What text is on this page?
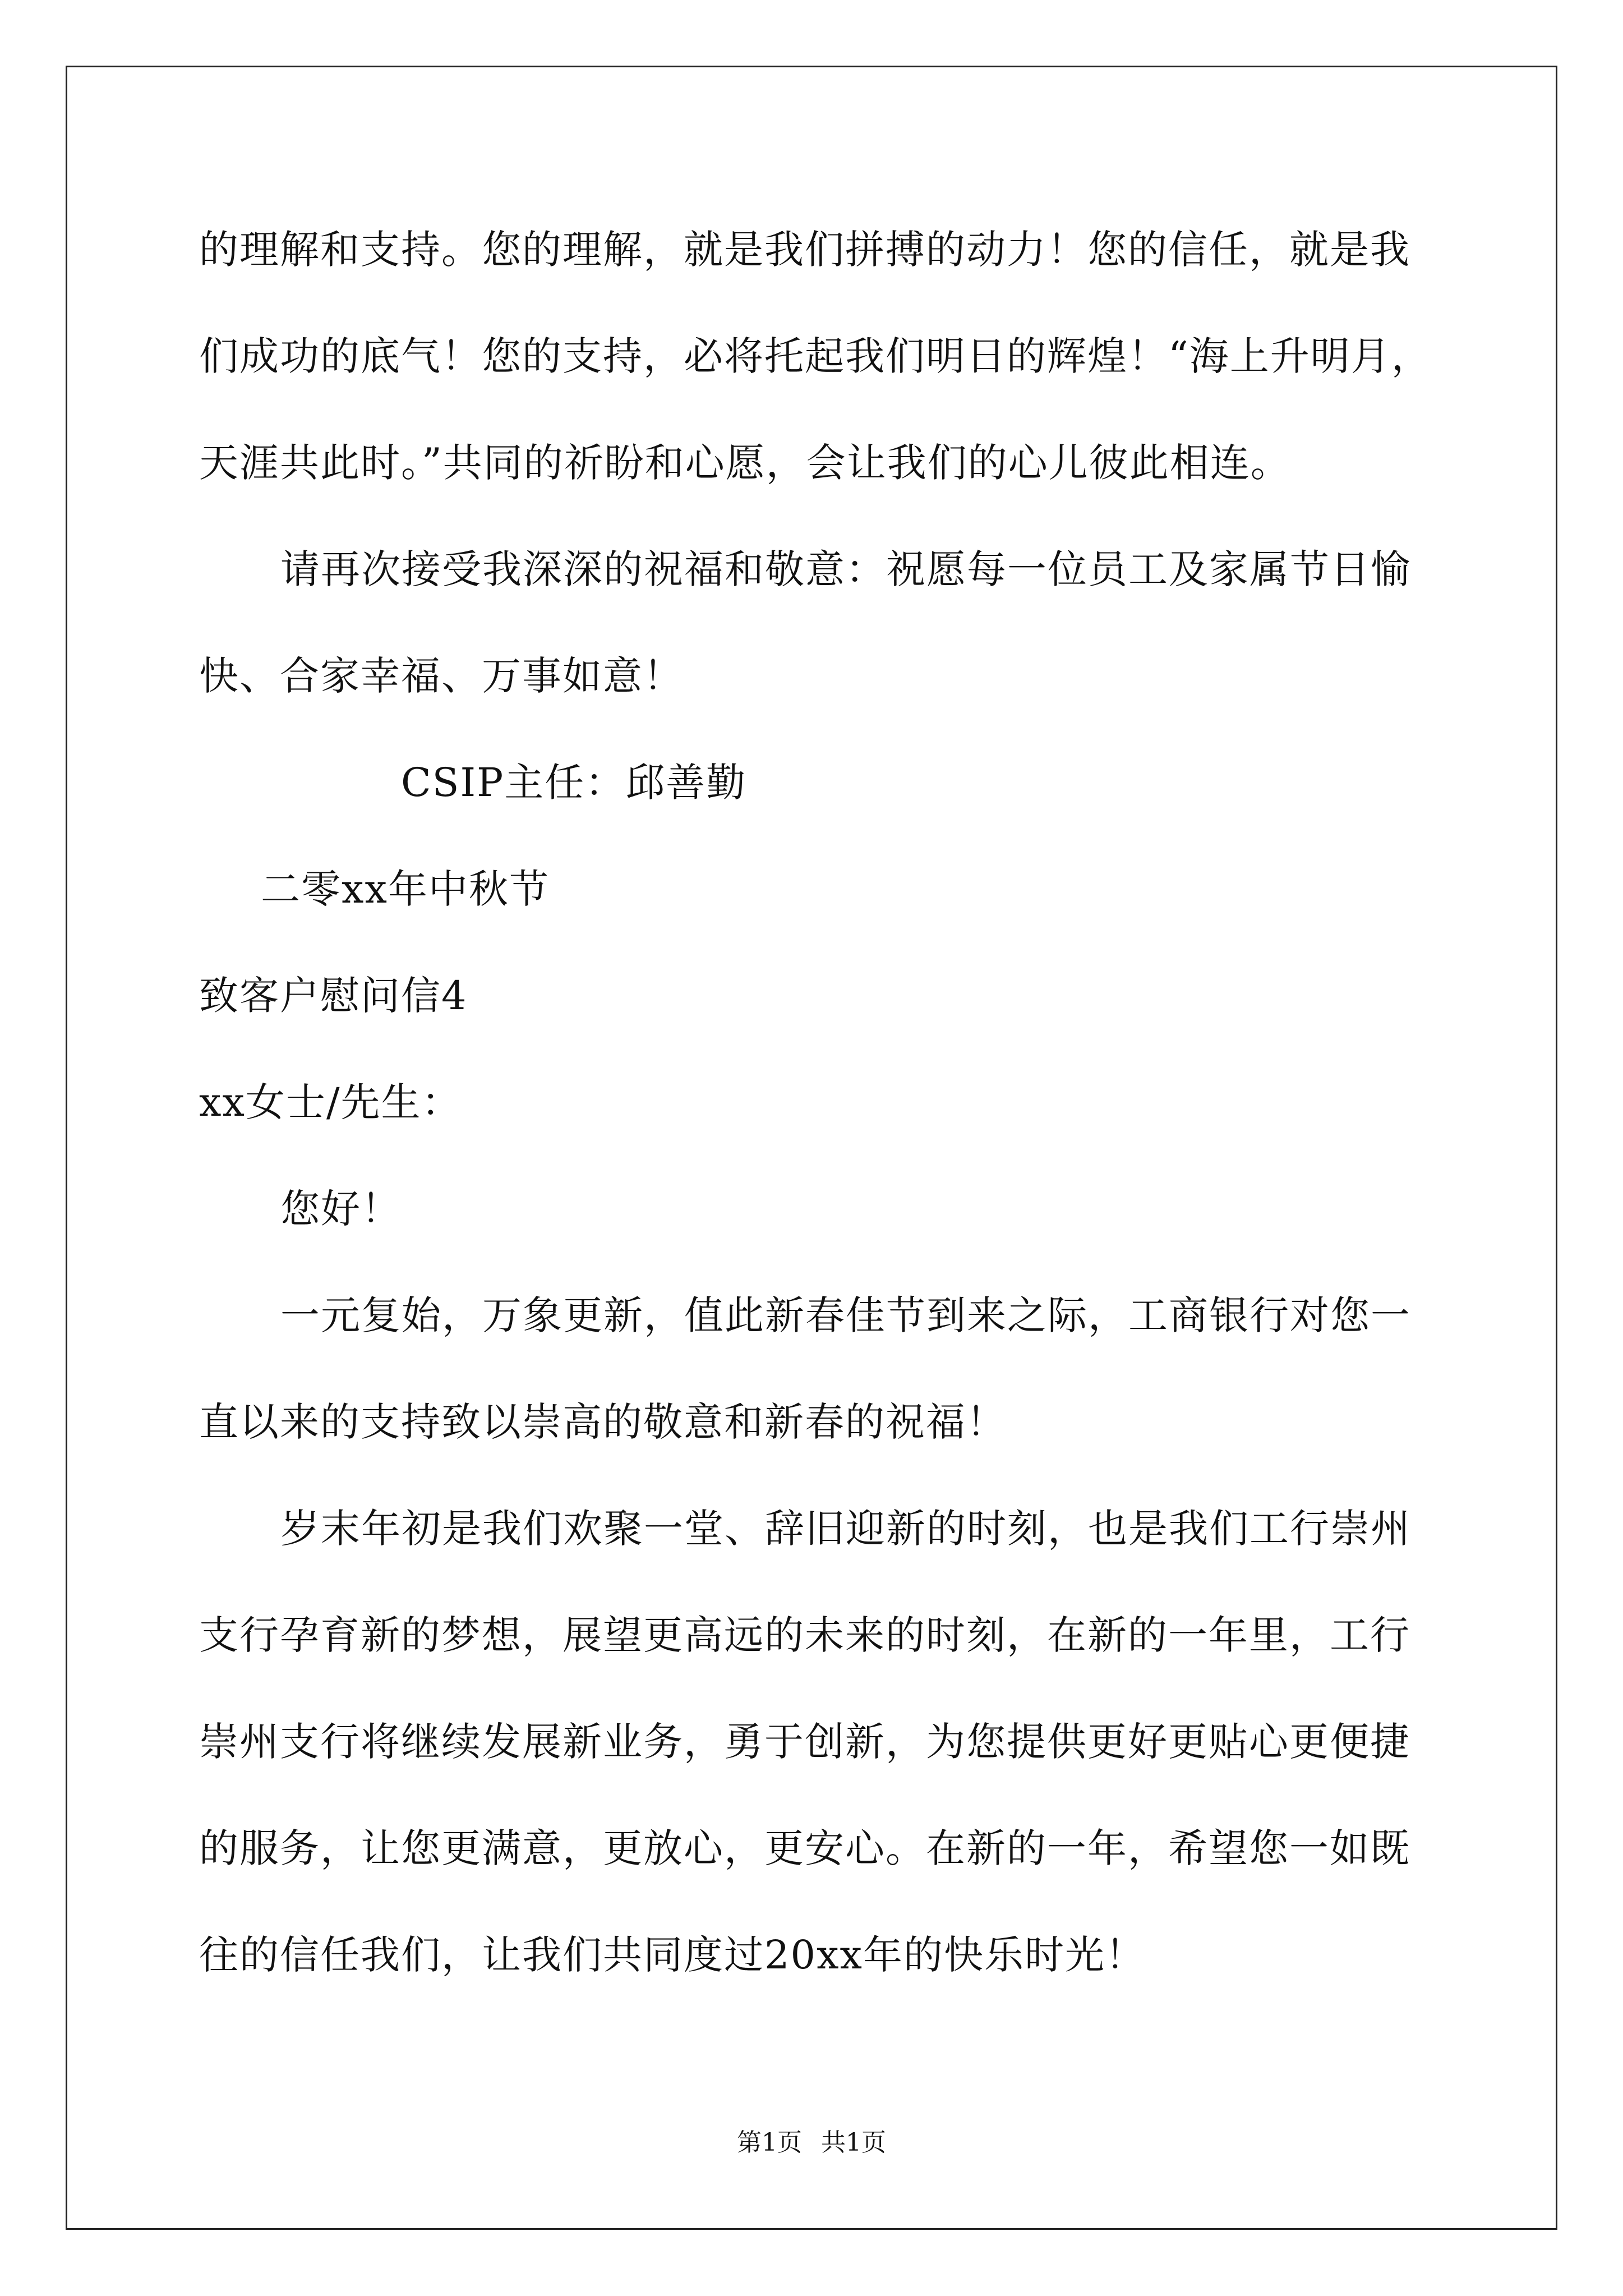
的理解和支持。您的理解，就是我们拼搏的动力！您的信任，就是我
们成功的底气！您的支持，必将托起我们明日的辉煌！“海上升明月，
天涯共此时。”共同的祈盼和心愿，会让我们的心儿彼此相连。
请再次接受我深深的祝福和敬意：祝愿每一位员工及家属节日愉
快、合家幸福、万事如意！
CSIP主任：邱善勤
二零xx年中秋节
致客户慰问信4
xx女士/先生：
您好！
一元复始，万象更新，值此新春佳节到来之际，工商银行对您一
直以来的支持致以崇高的敬意和新春的祝福！
岁末年初是我们欢聚一堂、辞旧迎新的时刻，也是我们工行崇州
支行孕育新的梦想，展望更高远的未来的时刻，在新的一年里，工行
崇州支行将继续发展新业务，勇于创新，为您提供更好更贴心更便捷
的服务，让您更满意，更放心，更安心。在新的一年，希望您一如既
往的信任我们，让我们共同度过20xx年的快乐时光！
第1页 共1页
